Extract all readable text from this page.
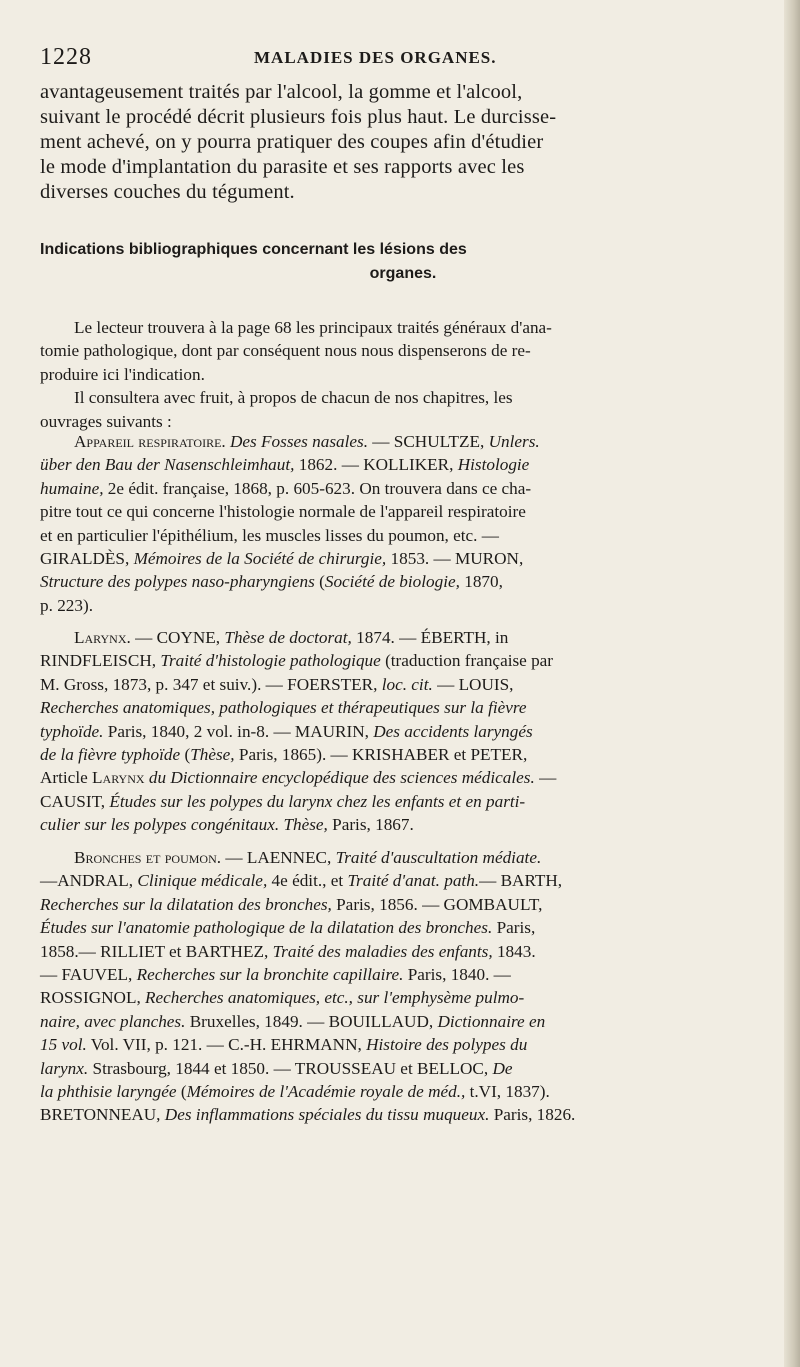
1228	MALADIES DES ORGANES.
avantageusement traités par l'alcool, la gomme et l'alcool,
suivant le procédé décrit plusieurs fois plus haut. Le durcisse-
ment achevé, on y pourra pratiquer des coupes afin d'étudier
le mode d'implantation du parasite et ses rapports avec les
diverses couches du tégument.
Indications bibliographiques concernant les lésions des
organes.
Le lecteur trouvera à la page 68 les principaux traités généraux d'ana-
tomie pathologique, dont par conséquent nous nous dispenserons de re-
produire ici l'indication.
Il consultera avec fruit, à propos de chacun de nos chapitres, les
ouvrages suivants :
Appareil respiratoire. Des Fosses nasales. — SCHULTZE, Unlers.
über den Bau der Nasenschleimhaut, 1862. — KOLLIKER, Histologie
humaine, 2e édit. française, 1868, p. 605-623. On trouvera dans ce cha-
pitre tout ce qui concerne l'histologie normale de l'appareil respiratoire
et en particulier l'épithélium, les muscles lisses du poumon, etc. —
GIRALDÈS, Mémoires de la Société de chirurgie, 1853. — MURON,
Structure des polypes naso-pharyngiens (Société de biologie, 1870,
p. 223).
Larynx. — COYNE, Thèse de doctorat, 1874. — ÉBERTH, in
RINDFLEISCH, Traité d'histologie pathologique (traduction française par
M. Gross, 1873, p. 347 et suiv.). — FOERSTER, loc. cit. — LOUIS,
Recherches anatomiques, pathologiques et thérapeutiques sur la fièvre
typhoïde. Paris, 1840, 2 vol. in-8. — MAURIN, Des accidents laryngés
de la fièvre typhoïde (Thèse, Paris, 1865). — KRISHABER et PETER,
Article Larynx du Dictionnaire encyclopédique des sciences médicales. —
CAUSIT, Études sur les polypes du larynx chez les enfants et en parti-
culier sur les polypes congénitaux. Thèse, Paris, 1867.
Bronches et poumon. — LAENNEC, Traité d'auscultation médiate.
—ANDRAL, Clinique médicale, 4e édit., et Traité d'anat. path.— BARTH,
Recherches sur la dilatation des bronches, Paris, 1856. — GOMBAULT,
Études sur l'anatomie pathologique de la dilatation des bronches. Paris,
1858.— RILLIET et BARTHEZ, Traité des maladies des enfants, 1843.
— FAUVEL, Recherches sur la bronchite capillaire. Paris, 1840. —
ROSSIGNOL, Recherches anatomiques, etc., sur l'emphysème pulmo-
naire, avec planches. Bruxelles, 1849. — BOUILLAUD, Dictionnaire en
15 vol. Vol. VII, p. 121. — C.-H. EHRMANN, Histoire des polypes du
larynx. Strasbourg, 1844 et 1850. — TROUSSEAU et BELLOC, De
la phthisie laryngée (Mémoires de l'Académie royale de méd., t.VI, 1837).
BRETONNEAU, Des inflammations spéciales du tissu muqueux. Paris, 1826.
